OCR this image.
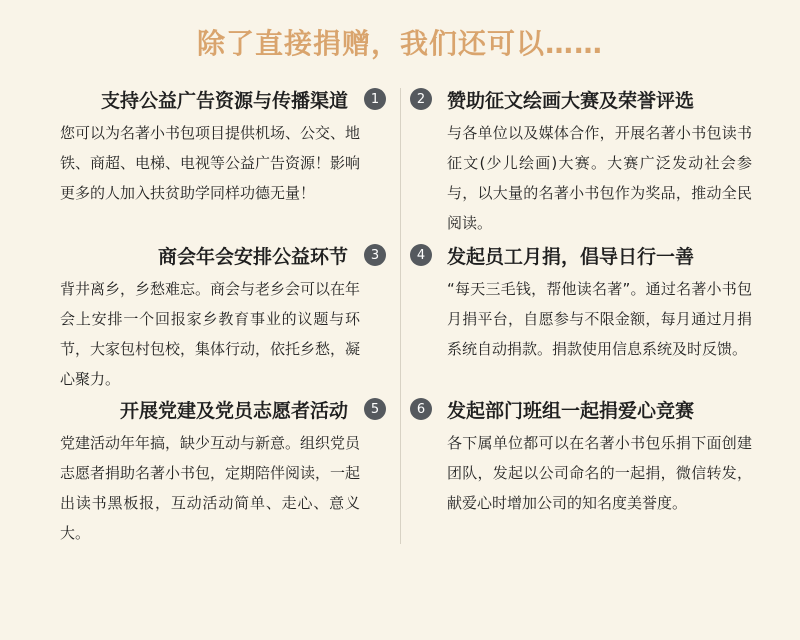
除了直接捐赠，我们还可以……
支持公益广告资源与传播渠道	1
您可以为名著小书包项目提供机场、公交、地铁、商超、电梯、电视等公益广告资源！影响更多的人加入扶贫助学同样功德无量！
2	赞助征文绘画大赛及荣誉评选
与各单位以及媒体合作，开展名著小书包读书征文(少儿绘画)大赛。大赛广泛发动社会参与，以大量的名著小书包作为奖品，推动全民阅读。
商会年会安排公益环节	3
背井离乡，乡愁难忘。商会与老乡会可以在年会上安排一个回报家乡教育事业的议题与环节，大家包村包校，集体行动，依托乡愁，凝心聚力。
4	发起员工月捐，倡导日行一善
“每天三毛钱，帮他读名著”。通过名著小书包月捐平台，自愿参与不限金额，每月通过月捐系统自动捐款。捐款使用信息系统及时反馈。
开展党建及党员志愿者活动	5
党建活动年年搞，缺少互动与新意。组织党员志愿者捐助名著小书包，定期陪伴阅读，一起出读书黑板报，互动活动简单、走心、意义大。
6	发起部门班组一起捐爱心竞赛
各下属单位都可以在名著小书包乐捐下面创建团队，发起以公司命名的一起捐，微信转发，献爱心时增加公司的知名度美誉度。
